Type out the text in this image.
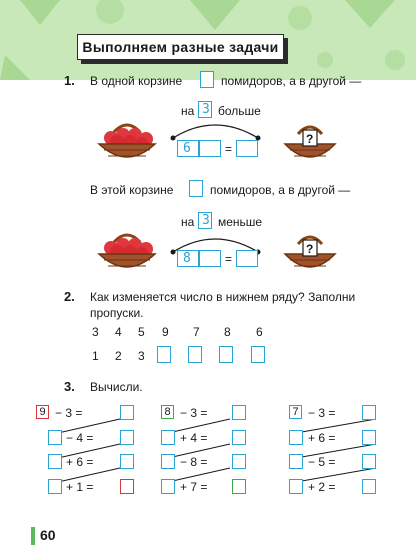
Выполняем разные задачи
1. В одной корзине	помидоров, а в другой —
на 3 больше
6	=
?
В этой корзине	помидоров, а в другой —
на 3 меньше
8	=
?
2. Как изменяется число в нижнем ряду? Заполни
пропуски.
3 4 5 9 7 8 6
1 2 3
3. Вычисли.
9 − 3 =
− 4 =
+ 6 =
+ 1 =
8 − 3 =
+ 4 =
− 8 =
+ 7 =
7 − 3 =
+ 6 =
− 5 =
+ 2 =
60
